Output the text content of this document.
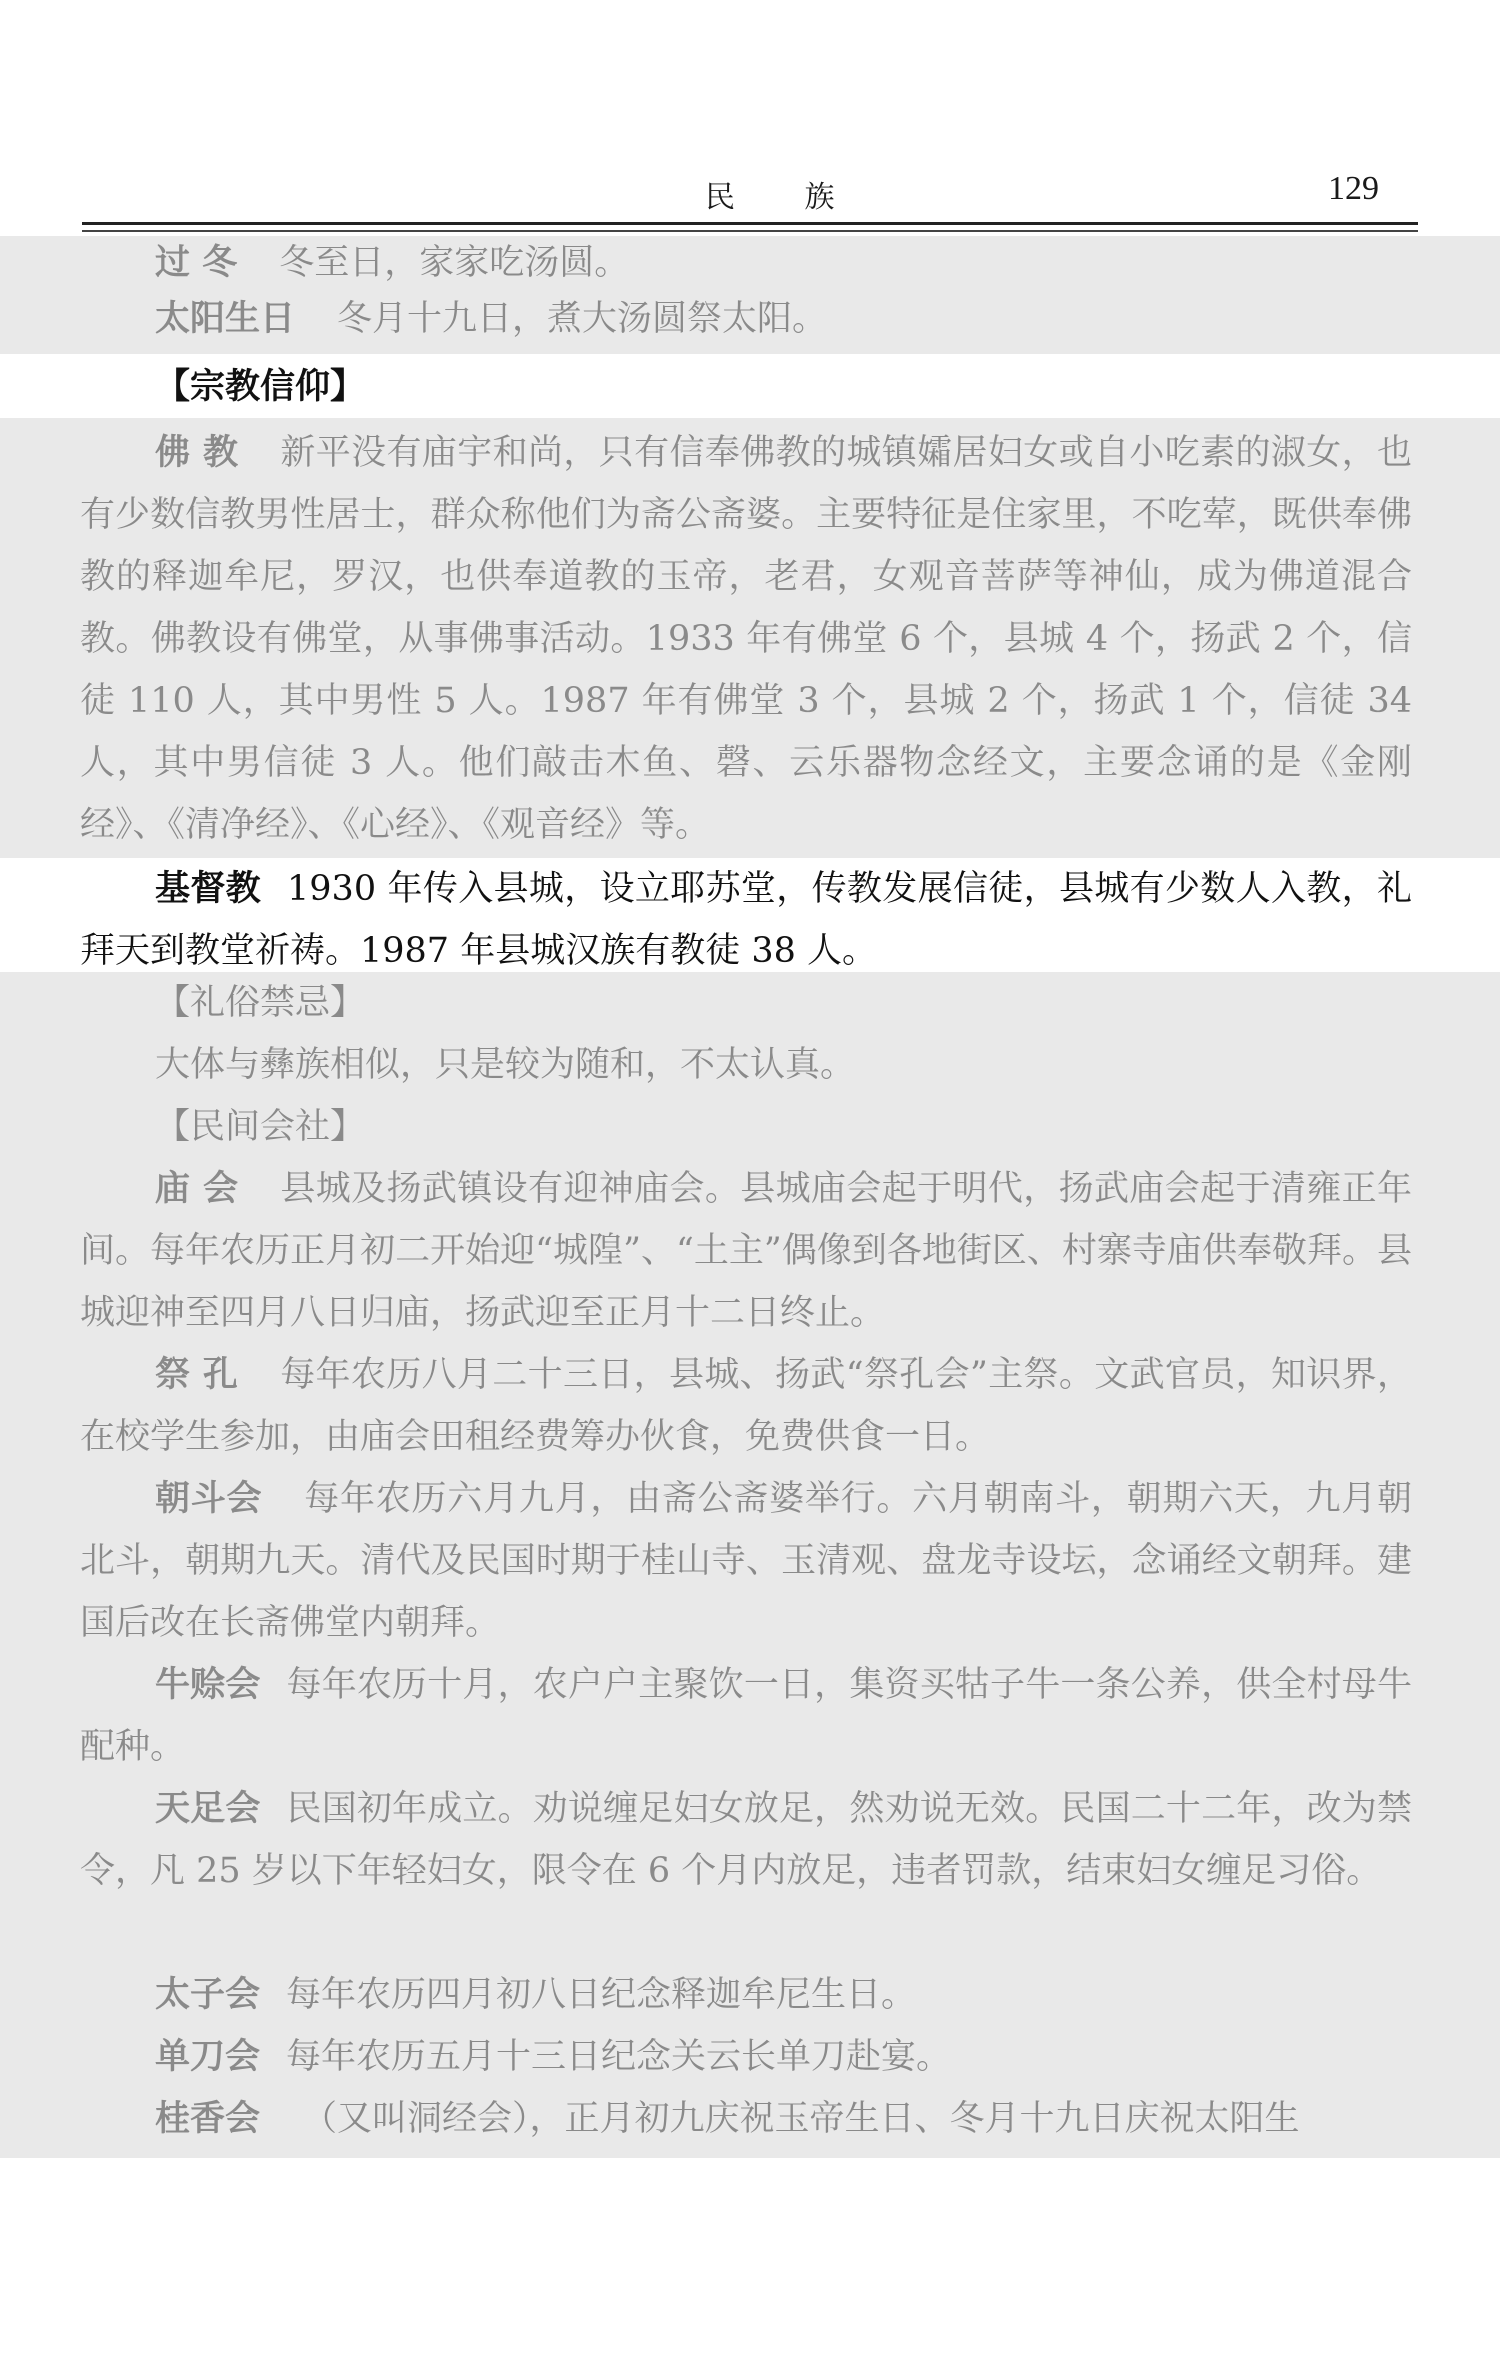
民 族	129

过 冬 冬至日，家家吃汤圆。

太阳生日 冬月十九日，煮大汤圆祭太阳。

【宗教信仰】

佛 教 新平没有庙宇和尚，只有信奉佛教的城镇孀居妇女或自小吃素的淑女，也有少数信教男性居士，群众称他们为斋公斋婆。主要特征是住家里，不吃荤，既供奉佛教的释迦牟尼，罗汉，也供奉道教的玉帝，老君，女观音菩萨等神仙，成为佛道混合教。佛教设有佛堂，从事佛事活动。1933 年有佛堂 6 个，县城 4 个，扬武 2 个，信徒 110 人，其中男性 5 人。1987 年有佛堂 3 个，县城 2 个，扬武 1 个，信徒 34 人，其中男信徒 3 人。他们敲击木鱼、磬、云乐器物念经文，主要念诵的是《金刚经》、《清净经》、《心经》、《观音经》等。

基督教 1930 年传入县城，设立耶苏堂，传教发展信徒，县城有少数人入教，礼拜天到教堂祈祷。1987 年县城汉族有教徒 38 人。

【礼俗禁忌】

大体与彝族相似，只是较为随和，不太认真。

【民间会社】

庙 会 县城及扬武镇设有迎神庙会。县城庙会起于明代，扬武庙会起于清雍正年间。每年农历正月初二开始迎“城隍”、“土主”偶像到各地街区、村寨寺庙供奉敬拜。县城迎神至四月八日归庙，扬武迎至正月十二日终止。

祭 孔 每年农历八月二十三日，县城、扬武“祭孔会”主祭。文武官员，知识界，在校学生参加，由庙会田租经费筹办伙食，免费供食一日。

朝斗会 每年农历六月九月，由斋公斋婆举行。六月朝南斗，朝期六天，九月朝北斗，朝期九天。清代及民国时期于桂山寺、玉清观、盘龙寺设坛，念诵经文朝拜。建国后改在长斋佛堂内朝拜。

牛赊会 每年农历十月，农户户主聚饮一日，集资买牯子牛一条公养，供全村母牛配种。

天足会 民国初年成立。劝说缠足妇女放足，然劝说无效。民国二十二年，改为禁令，凡 25 岁以下年轻妇女，限令在 6 个月内放足，违者罚款，结束妇女缠足习俗。

太子会 每年农历四月初八日纪念释迦牟尼生日。

单刀会 每年农历五月十三日纪念关云长单刀赴宴。

桂香会 （又叫洞经会），正月初九庆祝玉帝生日、冬月十九日庆祝太阳生
